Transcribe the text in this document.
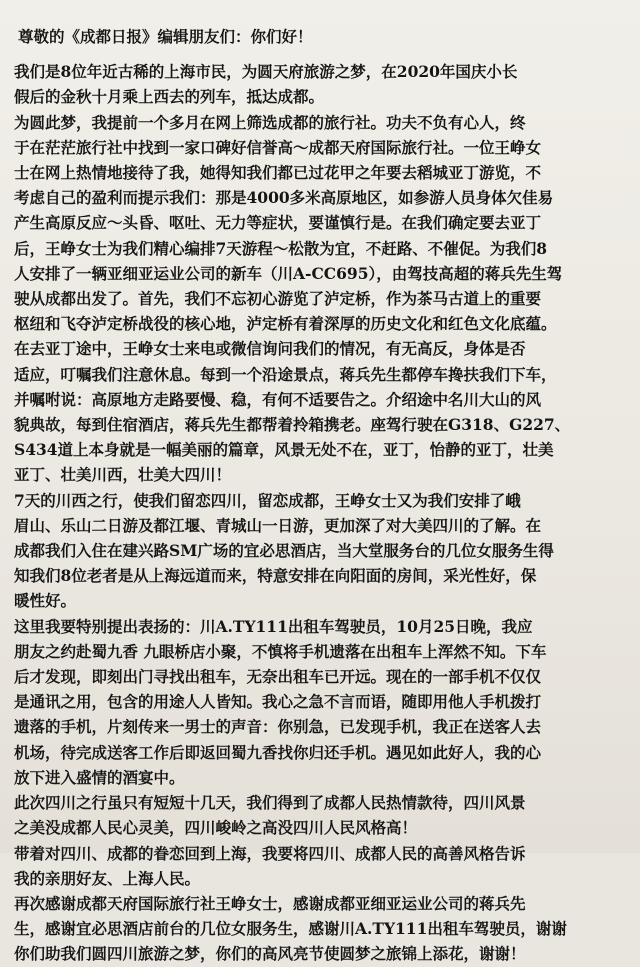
尊敬的《成都日报》编辑朋友们：你们好！

我们是8位年近古稀的上海市民，为圆天府旅游之梦，在2020年国庆小长

假后的金秋十月乘上西去的列车，抵达成都。

为圆此梦，我提前一个多月在网上筛选成都的旅行社。功夫不负有心人，终

于在茫茫旅行社中找到一家口碑好信誉高～成都天府国际旅行社。一位王峥女

士在网上热情地接待了我，她得知我们都已过花甲之年要去稻城亚丁游览，不

考虑自己的盈利而提示我们：那是4000多米高原地区，如参游人员身体欠佳易

产生高原反应～头昏、呕吐、无力等症状，要谨慎行是。在我们确定要去亚丁

后，王峥女士为我们精心编排7天游程～松散为宜，不赶路、不催促。为我们8

人安排了一辆亚细亚运业公司的新车（川A-CC695），由驾技高超的蒋兵先生驾

驶从成都出发了。首先，我们不忘初心游览了泸定桥，作为茶马古道上的重要

枢纽和飞夺泸定桥战役的核心地，泸定桥有着深厚的历史文化和红色文化底蕴。

在去亚丁途中，王峥女士来电或微信询问我们的情况，有无高反，身体是否

适应，叮嘱我们注意休息。每到一个沿途景点，蒋兵先生都停车搀扶我们下车，

并嘱咐说：高原地方走路要慢、稳，有何不适要告之。介绍途中名川大山的风

貌典故，每到住宿酒店，蒋兵先生都帮着拎箱携老。座驾行驶在G318、G227、

S434道上本身就是一幅美丽的篇章，风景无处不在，亚丁，怡静的亚丁，壮美

亚丁、壮美川西，壮美大四川！

7天的川西之行，使我们留恋四川，留恋成都，王峥女士又为我们安排了峨

眉山、乐山二日游及都江堰、青城山一日游，更加深了对大美四川的了解。在

成都我们入住在建兴路SM广场的宜必思酒店，当大堂服务台的几位女服务生得

知我们8位老者是从上海远道而来，特意安排在向阳面的房间，采光性好，保

暖性好。

这里我要特别提出表扬的：川A.TY111出租车驾驶员，10月25日晚，我应

朋友之约赴蜀九香 九眼桥店小聚，不慎将手机遗落在出租车上浑然不知。下车

后才发现，即刻出门寻找出租车，无奈出租车已开远。现在的一部手机不仅仅

是通讯之用，包含的用途人人皆知。我心之急不言而语，随即用他人手机拨打

遗落的手机，片刻传来一男士的声音：你别急，已发现手机，我正在送客人去

机场，待完成送客工作后即返回蜀九香找你归还手机。遇见如此好人，我的心

放下进入盛情的酒宴中。

此次四川之行虽只有短短十几天，我们得到了成都人民热情款待，四川风景

之美没成都人民心灵美，四川峻岭之高没四川人民风格高！

带着对四川、成都的眷恋回到上海，我要将四川、成都人民的高善风格告诉

我的亲朋好友、上海人民。

再次感谢成都天府国际旅行社王峥女士，感谢成都亚细亚运业公司的蒋兵先

生，感谢宜必思酒店前台的几位女服务生，感谢川A.TY111出租车驾驶员，谢谢

你们助我们圆四川旅游之梦，你们的高风亮节使圆梦之旅锦上添花，谢谢！
